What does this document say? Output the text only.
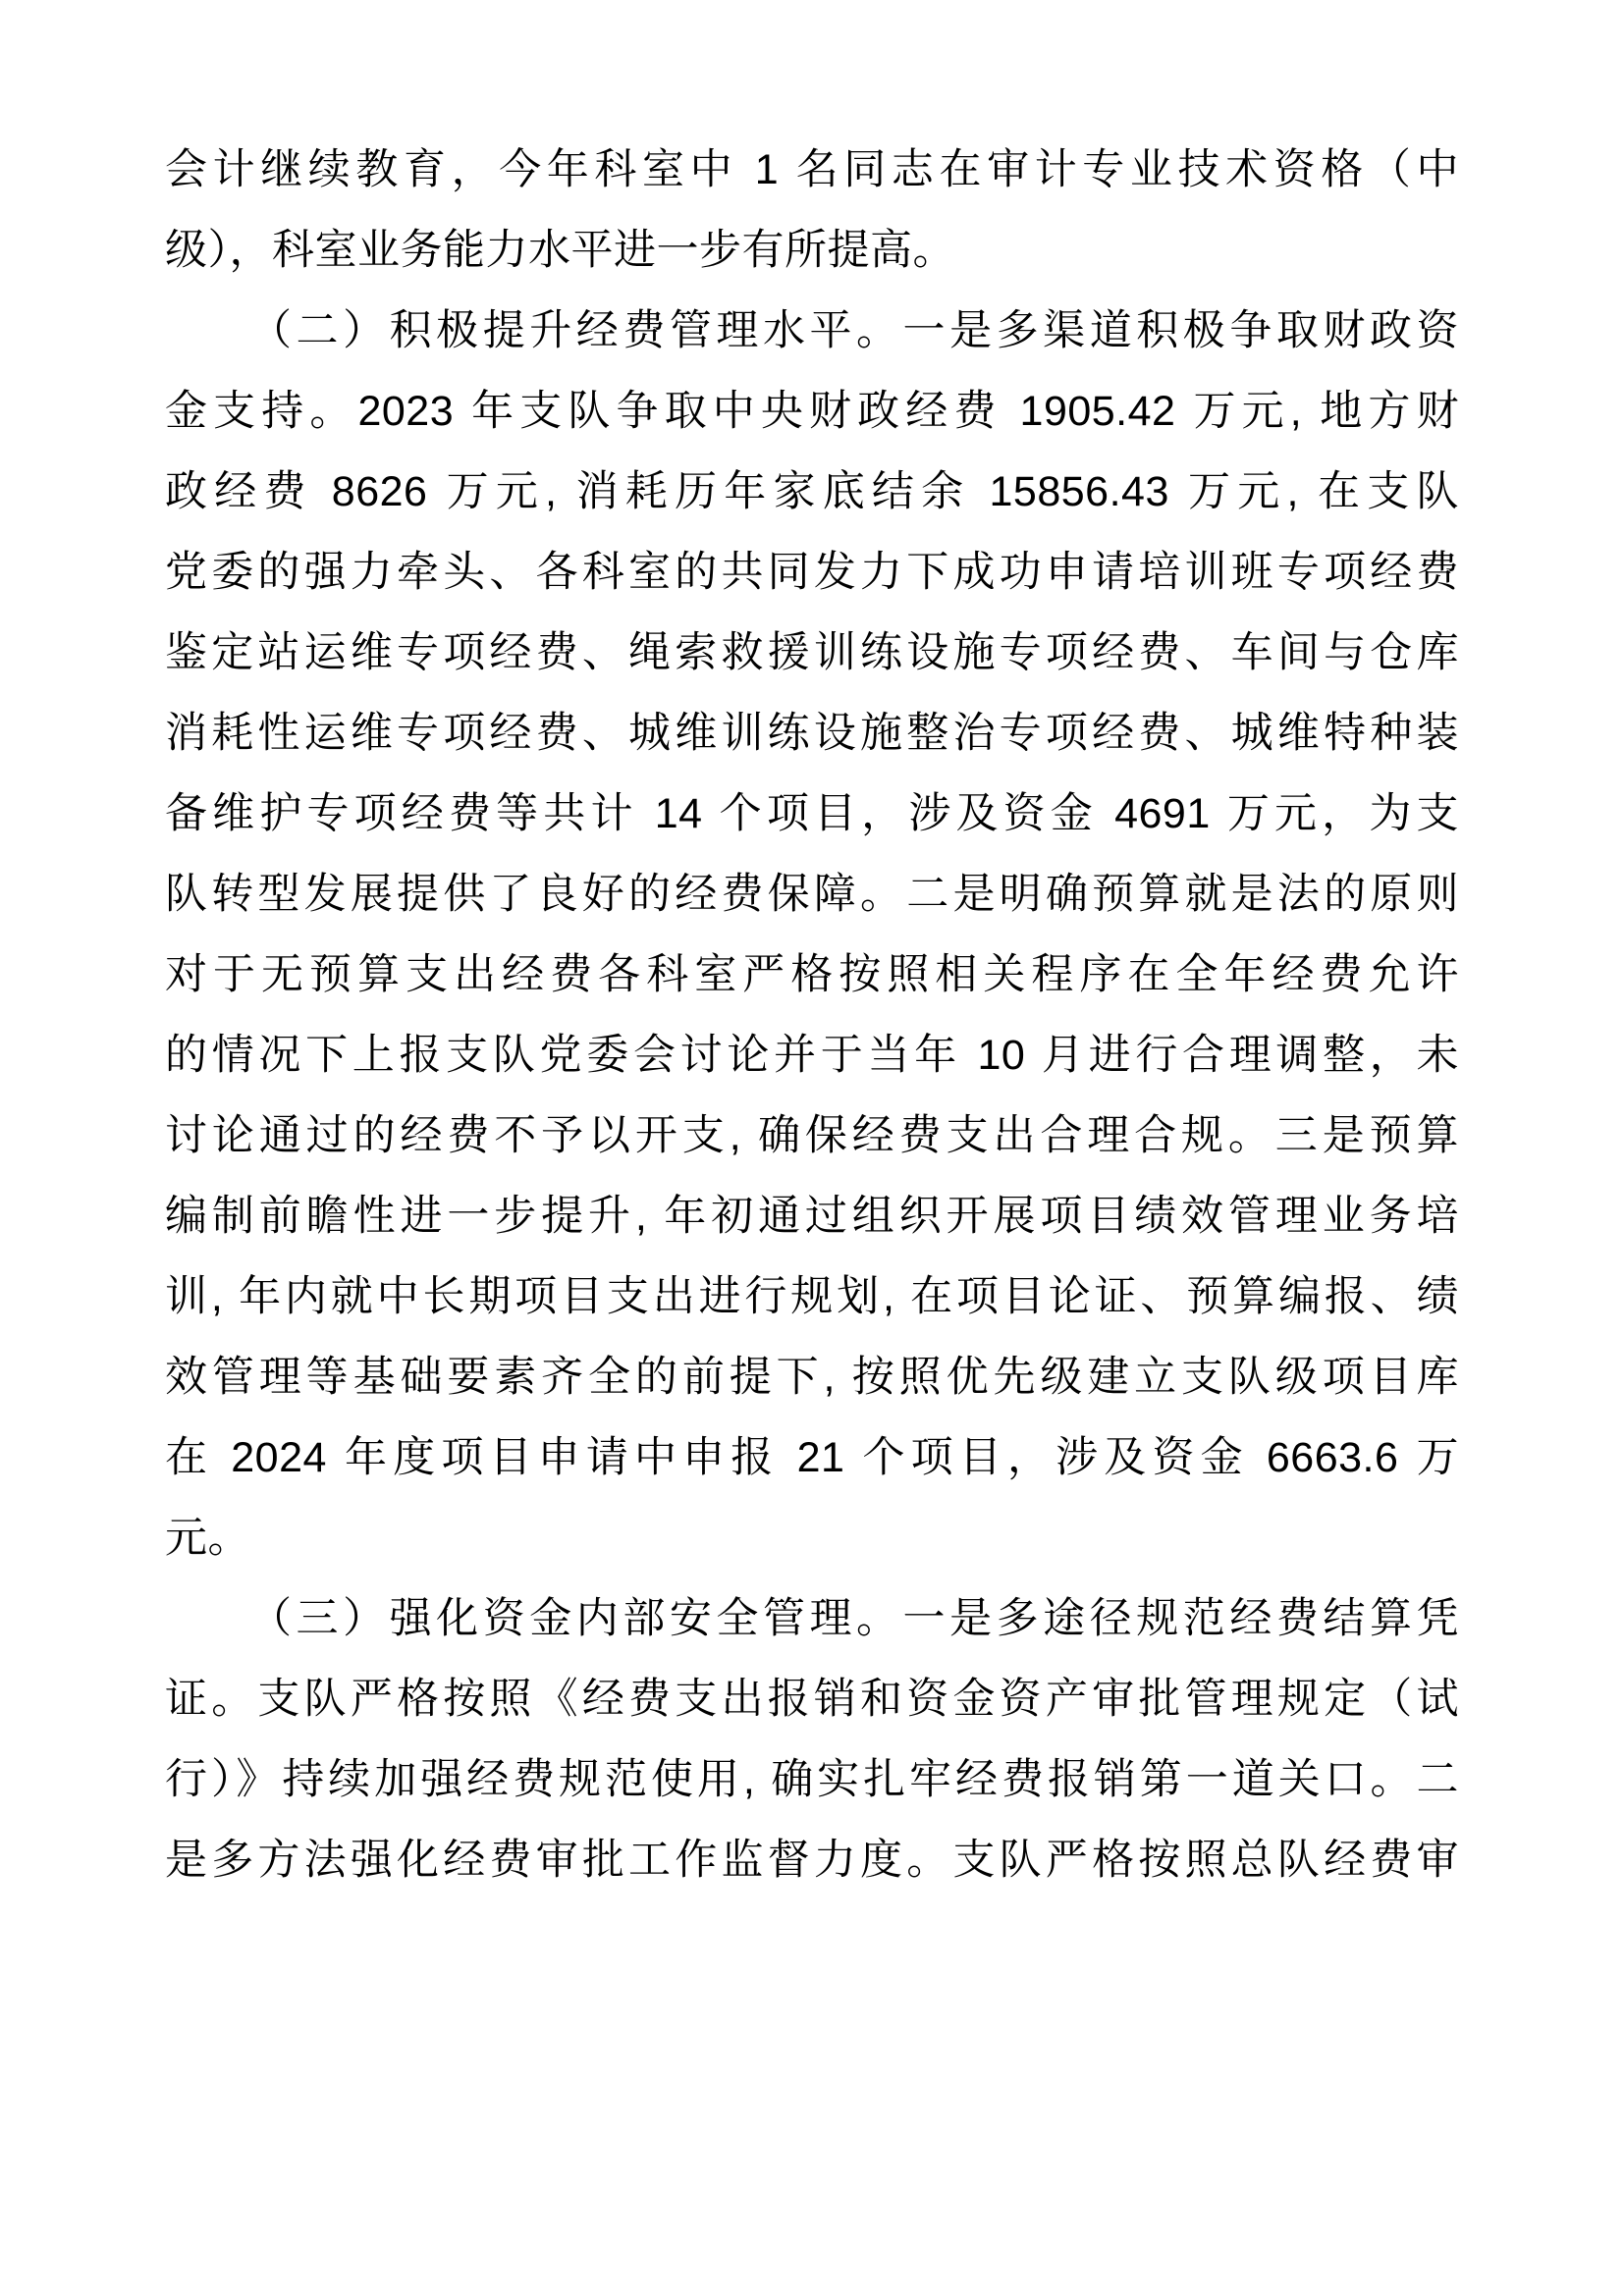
会计继续教育，今年科室中 1 名同志在审计专业技术资格（中
级），科室业务能力水平进一步有所提高。
（二）积极提升经费管理水平。一是多渠道积极争取财政资
金支持。2023 年支队争取中央财政经费 1905.42 万元, 地方财
政经费 8626 万元, 消耗历年家底结余 15856.43 万元, 在支队
党委的强力牵头、各科室的共同发力下成功申请培训班专项经费
鉴定站运维专项经费、绳索救援训练设施专项经费、车间与仓库
消耗性运维专项经费、城维训练设施整治专项经费、城维特种装
备维护专项经费等共计 14 个项目，涉及资金 4691 万元，为支
队转型发展提供了良好的经费保障。二是明确预算就是法的原则
对于无预算支出经费各科室严格按照相关程序在全年经费允许
的情况下上报支队党委会讨论并于当年 10 月进行合理调整，未
讨论通过的经费不予以开支, 确保经费支出合理合规。三是预算
编制前瞻性进一步提升, 年初通过组织开展项目绩效管理业务培
训, 年内就中长期项目支出进行规划, 在项目论证、预算编报、绩
效管理等基础要素齐全的前提下, 按照优先级建立支队级项目库
在 2024 年度项目申请中申报 21 个项目，涉及资金 6663.6 万
元。
（三）强化资金内部安全管理。一是多途径规范经费结算凭
证。支队严格按照《经费支出报销和资金资产审批管理规定（试
行）》持续加强经费规范使用, 确实扎牢经费报销第一道关口。二
是多方法强化经费审批工作监督力度。支队严格按照总队经费审
